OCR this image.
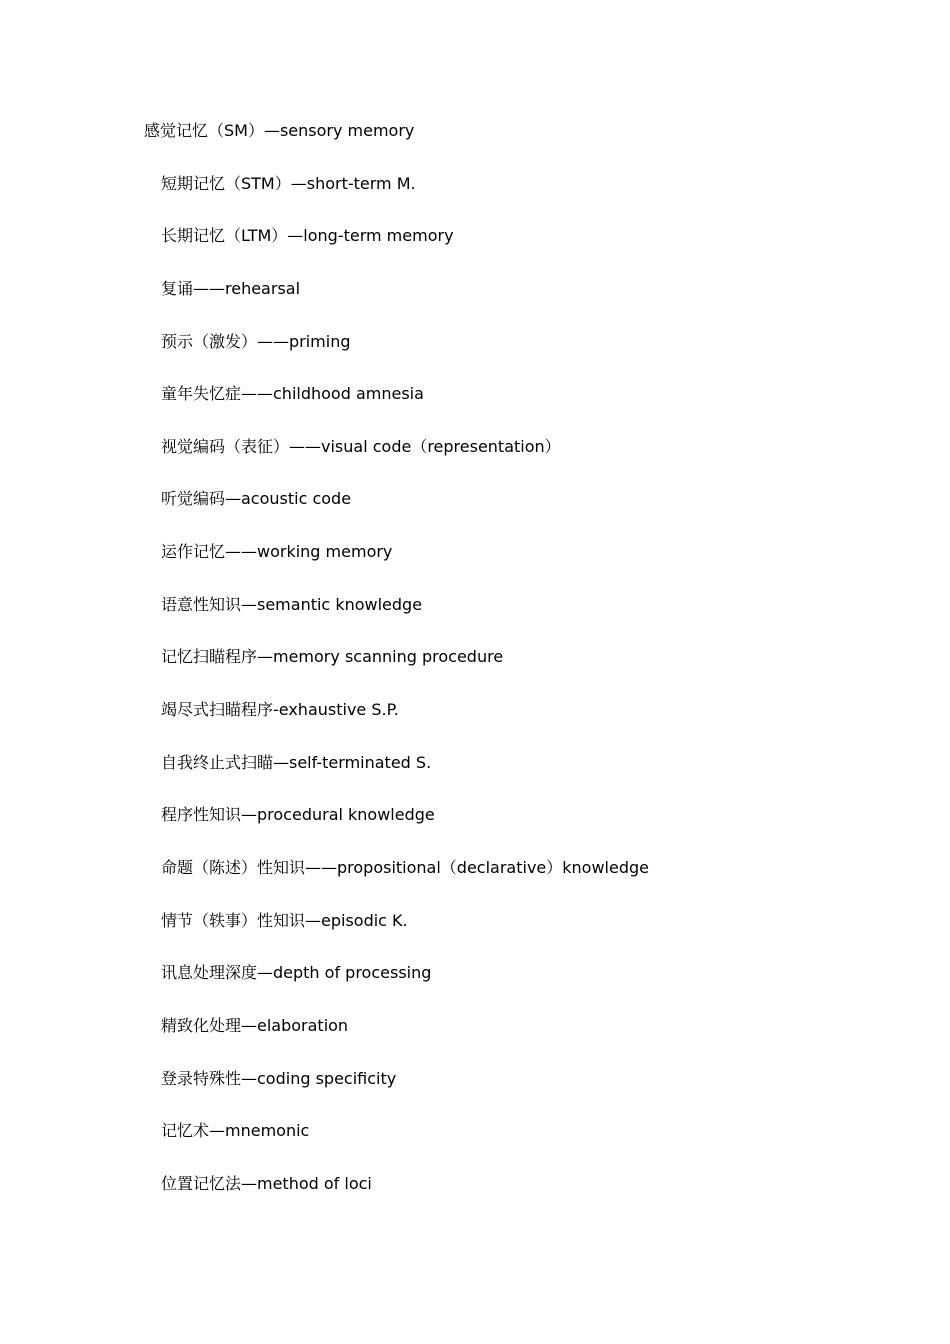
感觉记忆（SM）—sensory memory
短期记忆（STM）—short-term M.
长期记忆（LTM）—long-term memory
复诵——rehearsal
预示（激发）——priming
童年失忆症——childhood amnesia
视觉编码（表征）——visual code（representation）
听觉编码—acoustic code
运作记忆——working memory
语意性知识—semantic knowledge
记忆扫瞄程序—memory scanning procedure
竭尽式扫瞄程序-exhaustive S.P.
自我终止式扫瞄—self-terminated S.
程序性知识—procedural knowledge
命题（陈述）性知识——propositional（declarative）knowledge
情节（轶事）性知识—episodic K.
讯息处理深度—depth of processing
精致化处理—elaboration
登录特殊性—coding specificity
记忆术—mnemonic
位置记忆法—method of loci
